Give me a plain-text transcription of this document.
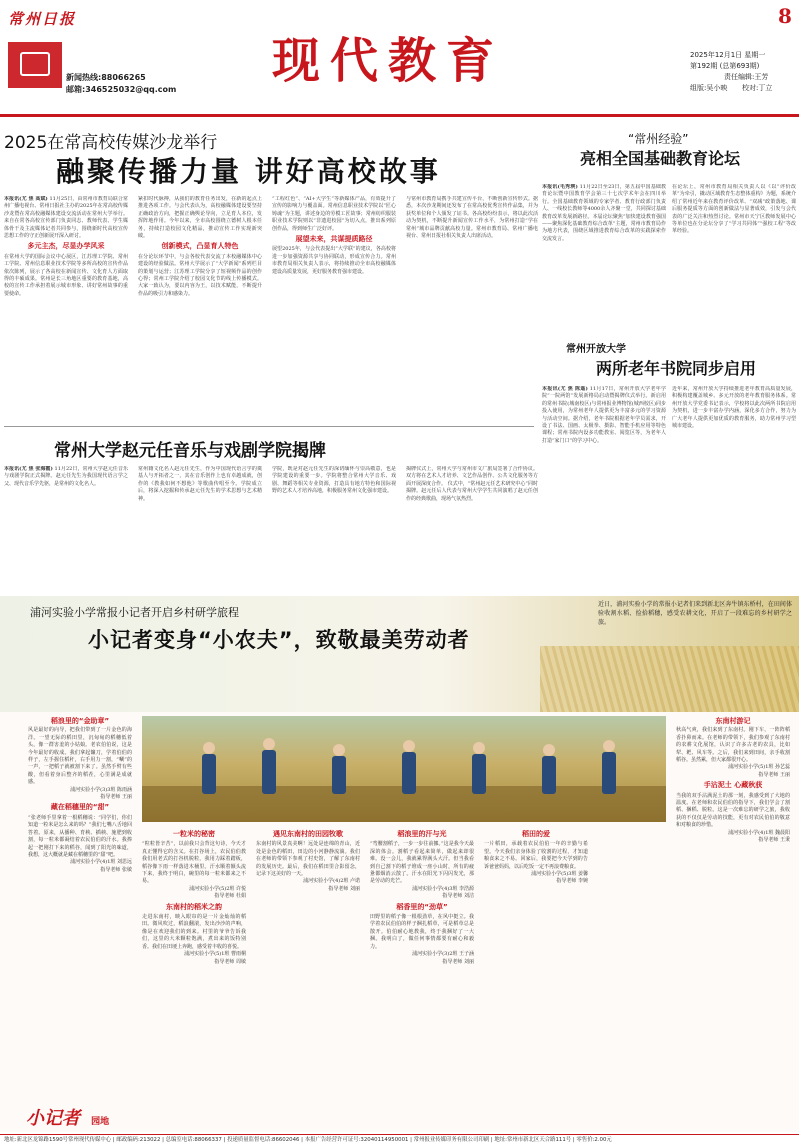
常州日报
新闻热线:88066265
邮箱:346525032@qq.com
现代教育
8
2025年12月1日 星期一
第192期 (总第693期)
责任编辑:王芳
组版:吴小映 校对:丁立
2025在常高校传媒沙龙举行
融聚传播力量 讲好高校故事
本报讯(尤 焦 高斌) 11月25日，由常州市教育局联合常州广播电视台、常州日报社主办的2025年在常高校传媒沙龙暨在常高校融媒体建设交流活动在常州大学举行。来自在常各高校宣传部门负责同志、教师代表、学生媒体骨干及主流媒体记者共同参与，围绕新时代高校宣传思想工作的守正创新展开深入研讨。
多元主杰，尽显办学风采
在常州大学的国际会议中心展区，江苏理工学院、常州工学院、常州信息职业技术学院等多所高校的宣传作品依次陈列，展示了各高校在新闻宣传、文化育人方面取得的丰硕成果。常州是长三角地区重要的教育基地，高校的宣传工作承担着展示城市形象、讲好常州故事的重要使命。
紧扣时代脉搏，从我们的教育任务出发，在新的起点上推进各项工作。与会代表认为，高校融媒体建设要坚持正确政治方向，把握正确舆论导向，立足育人本位，发挥阵地作用。今年以来，全市高校围绕立德树人根本任务，持续打造校园文化精品，推动宣传工作实现新突破。
创新模式，凸显育人特色
在分论坛环节中，与会各校代表交流了本校融媒体中心建设的经验做法。常州大学展示了“大学新闻”系列栏目的策划与运营；江苏理工学院分享了短视频作品的创作心得；常州工学院介绍了校园文化节的线上传播模式。大家一致认为，要以内容为王，以技术赋能，不断提升作品的吸引力和感染力。
“工程红色”、“AI+大学生”等新媒体产品，有效提升了宣传的影响力与覆盖面。常州信息职业技术学院以“匠心铸魂”为主题，讲述身边的劳模工匠故事；常州纺织服装职业技术学院则以“非遗进校园”为切入点，推出系列原创作品，得到师生广泛好评。
展望未来，共谋提质路径
展望2025年，与会代表提出“大学联”的建议，各高校将进一步加强资源共享与协同联动，形成宣传合力。常州市教育局相关负责人表示，将持续推动全市高校融媒体建设高质量发展，更好服务教育强市建设。
与常州市教育局携手共建宣传平台，不断创新宣传形式。据悉，本次沙龙期间还发布了在常高校优秀宣传作品集，并为获奖单位和个人颁发了证书。各高校纷纷表示，将以此次活动为契机，不断提升新闻宣传工作水平，为常州打造“学在常州”城市品牌贡献高校力量。常州市教育局、常州广播电视台、常州日报社相关负责人出席活动。
常州大学赵元任音乐与戏剧学院揭牌
本报讯(尤 焦 张海霞) 11月22日，常州大学赵元任音乐与戏剧学院正式揭牌。赵元任先生为我国现代语言学之父、现代音乐学先驱，是常州的文化名人。
常州籍文化名人赵元任先生，作为中国现代语言学的奠基人与开拓者之一，其在音乐创作上也有卓越成就，创作的《教我如何不想他》等歌曲传唱至今。学院成立后，将深入挖掘和传承赵元任先生的学术思想与艺术精神。
学院，既是对赵元任先生的深切缅怀与崇高敬意，也是学院建设的重要一步。学院将整合常州大学音乐、戏剧、舞蹈等相关专业资源，打造具有地方特色和国际视野的艺术人才培养高地，积极服务常州文化强市建设。
“常州经验”
亮相全国基础教育论坛
本报讯(毛秀瑛) 11月22日至23日，第五届中国基础教育论坛暨中国教育学会第三十七次学术年会在四川举行。全国基础教育领域的专家学者、教育行政部门负责人、一线校长教师等4000余人齐聚一堂，共同探讨基础教育改革发展新路径。本届论坛聚焦“加快建设教育强国——聚焦深化基础教育综合改革”主题，常州市教育局作为地方代表，围绕区域推进教育综合改革的实践探索作交流发言。
在论坛上，常州市教育局相关负责人以《以“评价改革”为牵引，撬动区域教育生态整体重构》为题，系统介绍了常州近年来在教育评价改革、“双减”政策落地、课后服务提质等方面的创新做法与显著成效，引发与会代表的广泛关注和热烈讨论。常州市天宁区教师发展中心等单位也在分论坛分享了“学习共同体”“强校工程”等改革经验。
常州开放大学
两所老年书院同步启用
本报讯(尤 焦 陈遥) 11月17日，常州开放大学老年学院“一院两馆”发展新格局启动暨揭牌仪式举行。新启用的常州书院(城南校区)与常州报业博物馆(城西校区)同步投入使用，为常州老年人提供更为丰富多元的学习资源与活动空间。据介绍，老年书院根据老年学员需求，开设了书法、国画、太极拳、摄影、智能手机应用等特色课程；常州书院内设多功能教室、阅览区等，为老年人打造“家门口”的学习中心。
近年来，常州开放大学持续推进老年教育高质量发展，积极构建覆盖城乡、多元开放的老年教育服务体系。常州开放大学党委书记表示，学校将以此次两所书院启用为契机，进一步丰富办学内涵，深化多方合作，努力为广大老年人提供更加优质的教育服务，助力常州学习型城市建设。
揭牌仪式上，常州大学与常州市文广旅局签署了合作协议。双方将在艺术人才培养、文艺作品创作、公共文化服务等方面开展深度合作。 仪式中，“常州赵元任艺术研究中心”同时揭牌。赵元任后人代表与常州大学学生共同演唱了赵元任创作的经典歌曲，现场气氛热烈。
浦河实验小学常报小记者开启乡村研学旅程
小记者变身“小农夫”，致敬最美劳动者
近日，浦河实验小学的常报小记者们来到新北区奔牛镇东桥村，在田间体验收割水稻、捡拾稻穗，感受农耕文化，开启了一段难忘的乡村研学之旅。
稻浪里的“金助章”
风是最好的向导，把我们带到了一片金色的海洋。一望无际的稻田里，沉甸甸的稻穗低着头，像一群害羞的小姑娘。老农伯伯说，这是今年最好的收成。我们拿起镰刀，学着伯伯的样子，左手握住稻秆，右手用力一割，“唰”的一声，一把稻子就被割下来了。虽然手臂有些酸，但看着身后整齐的稻茬，心里满是成就感。
浦河实验小学(3)3班 陈雨涵
指导老师 王丽
藏在稻穗里的“甜”
“张老师手里拿着一根稻穗说：“同学们，你们知道一粒米是怎么来的吗？”我们七嘴八舌地回答着。原来，从播种、育秧、插秧、施肥到收割，每一粒米都凝结着农民伯伯的汗水。我捧起一把刚打下来的稻谷，闻到了阳光的味道，我想，这大概就是藏在稻穗里的“甜”吧。
浦河实验小学(4)1班 刘思远
指导老师 张敏
一粒米的秘密
“粒粒皆辛苦”，以前我只会背这句诗，今天才真正懂得它的含义。在打谷场上，农民伯伯教我们用老式的打谷机脱粒，我用力踩着踏板，稻谷像下雨一样落进木桶里。汗水顺着额头流下来，我终于明白，碗里的每一粒米都来之不易。
浦河实验小学(5)2班 许悦
指导老师 杜娟
东南村的稻米之韵
走进东南村，映入眼帘的是一片金灿灿的稻田。微风吹过，稻浪翻滚，发出沙沙的声响，像是在欢迎我们的到来。村里的爷爷告诉我们，这里的大米颗粒饱满，煮出来的饭特别香。我们在田埂上奔跑，感受着丰收的喜悦。
浦河实验小学(5)1班 曹雨桐
指导老师 周敏
遇见东南村的田园牧歌
东南村的风景真美啊！远处是连绵的青山，近处是金色的稻田，田边的小河静静流淌。我们在老师的带领下参观了村史馆，了解了东南村的发展历史。最后，我们在稻田里合影留念，记录下这美好的一天。
浦河实验小学(4)2班 卢诺
指导老师 刘丽
稻浪里的汗与光
“弯腰割稻子，一步一步往前挪。”这是我今天最深的体会。割稻子看起来简单，做起来却很难。没一会儿，我就累得满头大汗。但当我看到自己割下的稻子堆成一座小山时，所有的疲惫都烟消云散了。汗水在阳光下闪闪发光，那是劳动的光芒。
浦河实验小学(4)3班 李浩源
指导老师 刘洁
稻香里的“劲草”
田野里的稻子像一根根劲草，在风中挺立。我学着农民伯伯的样子捆扎稻草，可是稻草总是散开。伯伯耐心地教我，终于我捆好了一大捆。我明白了，做任何事情都要有耐心和毅力。
浦河实验小学(3)2班 王子涵
指导老师 刘丽
稻田的爱
一片稻田，承载着农民伯伯一年的辛勤与希望。今天我们亲身体验了收割的过程，才知道粮食来之不易。回家后，我要把今天学到的告诉爸爸妈妈，以后吃饭一定不再浪费粮食。
浦河实验小学(5)3班 姜馨
指导老师 李婉
东南村游记
秋高气爽，我们来到了东南村。刚下车，一阵阵稻香扑鼻而来。在老师的带领下，我们参观了东南村的农耕文化展馆，认识了许多古老的农具，比如犁、耙、风车等。之后，我们来到田间，亲手收割稻谷。虽然累，但大家都很开心。
浦河实验小学(5)1班 孙艺蕊
指导老师 王丽
手沾泥土 心藏秋获
当我的双手沾满泥土的那一刻，我感受到了大地的温度。在老师和农民伯伯的指导下，我们学会了割稻、捆稻、脱粒。这是一次难忘的研学之旅，我收获的不仅仅是劳动的技能，更有对农民伯伯的敬意和对粮食的珍惜。
浦河实验小学(4)1班 魏晨阳
指导老师 王秉
小记者 园地
地址:新北区龙锦路1590号常州现代传媒中心 | 邮政编码:213022 | 总编室电话:88066337 | 投递质量监督电话:86602046 | 本报广告经营许可证号:32040114950001 | 常州报业传媒印务有限公司印刷 | 地址:常州市新北区天合路111号 | 零售价:2.00元
